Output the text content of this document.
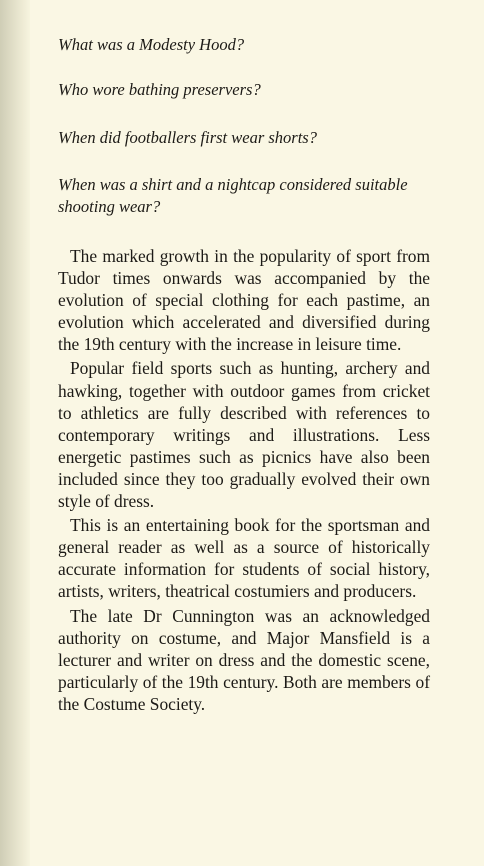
What was a Modesty Hood?

Who wore bathing preservers?

When did footballers first wear shorts?

When was a shirt and a nightcap considered suitable shooting wear?

The marked growth in the popularity of sport from Tudor times onwards was accompanied by the evolution of special clothing for each pastime, an evolution which accelerated and diversified during the 19th century with the increase in leisure time.

Popular field sports such as hunting, archery and hawking, together with outdoor games from cricket to athletics are fully described with references to contemporary writings and illustrations. Less energetic pastimes such as picnics have also been included since they too gradually evolved their own style of dress.

This is an entertaining book for the sportsman and general reader as well as a source of historically accurate information for students of social history, artists, writers, theatrical costumiers and producers.

The late Dr Cunnington was an acknowledged authority on costume, and Major Mansfield is a lecturer and writer on dress and the domestic scene, particularly of the 19th century. Both are members of the Costume Society.
